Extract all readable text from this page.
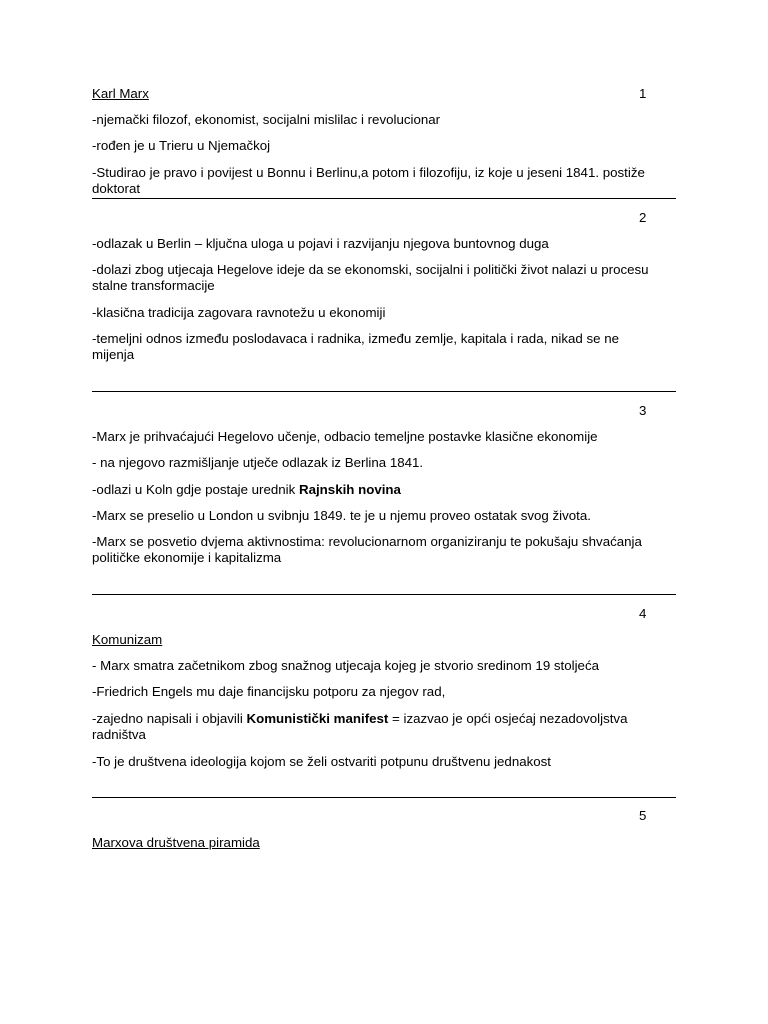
Karl Marx	1
-njemački filozof, ekonomist, socijalni mislilac i revolucionar
-rođen je u Trieru u Njemačkoj
-Studirao je pravo i povijest u Bonnu i Berlinu,a potom i filozofiju, iz koje u jeseni 1841. postiže doktorat
2
-odlazak u Berlin – ključna uloga u pojavi i razvijanju njegova buntovnog duga
-dolazi zbog utjecaja Hegelove ideje da se ekonomski, socijalni i politički život nalazi u procesu stalne transformacije
-klasična tradicija zagovara ravnotežu u ekonomiji
-temeljni odnos između poslodavaca i radnika, između zemlje, kapitala i rada, nikad se ne mijenja
3
-Marx je prihvaćajući Hegelovo učenje, odbacio temeljne postavke klasične ekonomije
- na njegovo razmišljanje utječe odlazak iz Berlina 1841.
-odlazi u Koln gdje postaje urednik Rajnskih novina
-Marx se preselio u London u svibnju 1849. te je u njemu proveo ostatak svog života.
-Marx se posvetio dvjema aktivnostima: revolucionarnom organiziranju te pokušaju shvaćanja političke ekonomije i kapitalizma
4
Komunizam
- Marx smatra začetnikom zbog snažnog utjecaja kojeg je stvorio sredinom 19 stoljeća
-Friedrich Engels mu daje financijsku potporu za njegov rad,
-zajedno napisali i objavili Komunistički manifest = izazvao je opći osjećaj nezadovoljstva radništva
-To je društvena ideologija kojom se želi ostvariti potpunu društvenu jednakost
5
Marxova društvena piramida
